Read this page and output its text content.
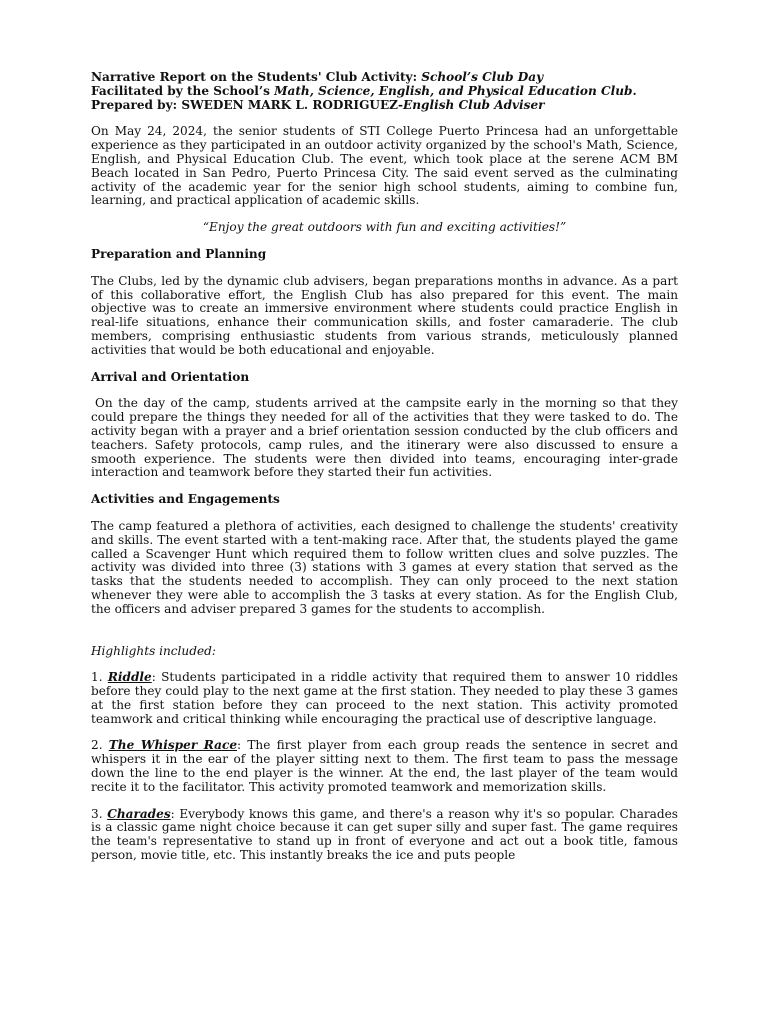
Narrative Report on the Students' Club Activity: School’s Club Day
Facilitated by the School’s Math, Science, English, and Physical Education Club.
Prepared by: SWEDEN MARK L. RODRIGUEZ-English Club Adviser

On May 24, 2024, the senior students of STI College Puerto Princesa had an unforgettable experience as they participated in an outdoor activity organized by the school's Math, Science, English, and Physical Education Club. The event, which took place at the serene ACM BM Beach located in San Pedro, Puerto Princesa City. The said event served as the culminating activity of the academic year for the senior high school students, aiming to combine fun, learning, and practical application of academic skills.

“Enjoy the great outdoors with fun and exciting activities!”

Preparation and Planning

The Clubs, led by the dynamic club advisers, began preparations months in advance. As a part of this collaborative effort, the English Club has also prepared for this event. The main objective was to create an immersive environment where students could practice English in real-life situations, enhance their communication skills, and foster camaraderie. The club members, comprising enthusiastic students from various strands, meticulously planned activities that would be both educational and enjoyable.

Arrival and Orientation

On the day of the camp, students arrived at the campsite early in the morning so that they could prepare the things they needed for all of the activities that they were tasked to do. The activity began with a prayer and a brief orientation session conducted by the club officers and teachers. Safety protocols, camp rules, and the itinerary were also discussed to ensure a smooth experience. The students were then divided into teams, encouraging inter-grade interaction and teamwork before they started their fun activities.

Activities and Engagements

The camp featured a plethora of activities, each designed to challenge the students' creativity and skills. The event started with a tent-making race. After that, the students played the game called a Scavenger Hunt which required them to follow written clues and solve puzzles. The activity was divided into three (3) stations with 3 games at every station that served as the tasks that the students needed to accomplish. They can only proceed to the next station whenever they were able to accomplish the 3 tasks at every station. As for the English Club, the officers and adviser prepared 3 games for the students to accomplish.

Highlights included:

1. Riddle: Students participated in a riddle activity that required them to answer 10 riddles before they could play to the next game at the first station. They needed to play these 3 games at the first station before they can proceed to the next station. This activity promoted teamwork and critical thinking while encouraging the practical use of descriptive language.

2. The Whisper Race: The first player from each group reads the sentence in secret and whispers it in the ear of the player sitting next to them. The first team to pass the message down the line to the end player is the winner. At the end, the last player of the team would recite it to the facilitator. This activity promoted teamwork and memorization skills.

3. Charades: Everybody knows this game, and there's a reason why it's so popular. Charades is a classic game night choice because it can get super silly and super fast. The game requires the team's representative to stand up in front of everyone and act out a book title, famous person, movie title, etc. This instantly breaks the ice and puts people
